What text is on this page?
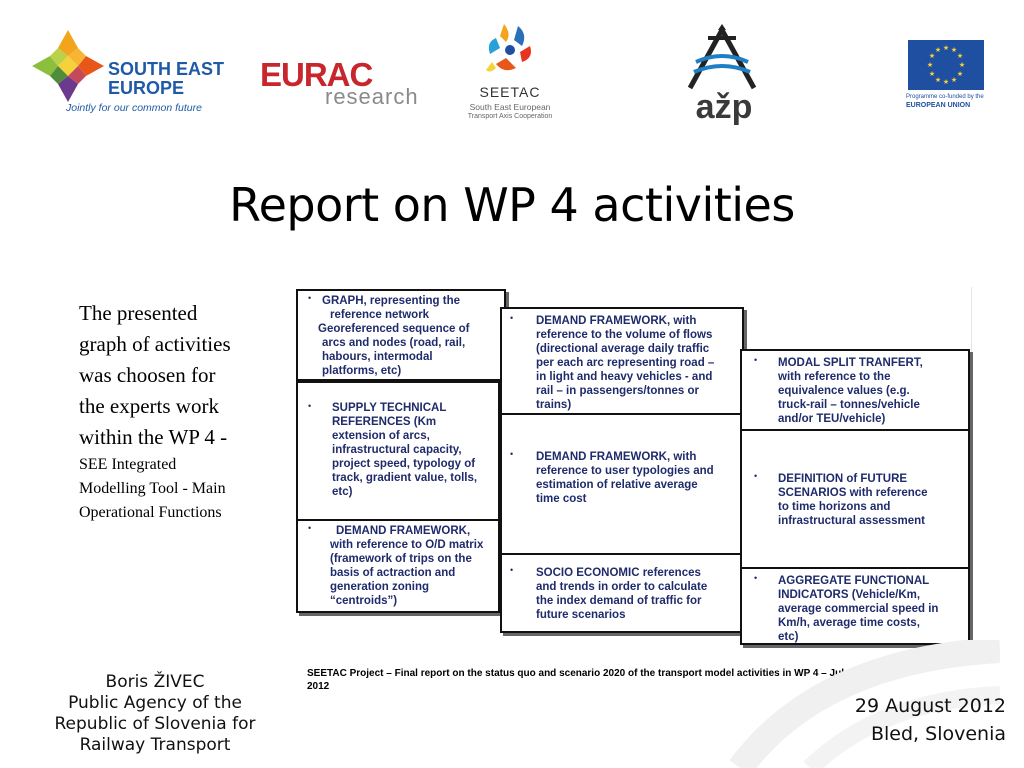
SOUTH EAST
EUROPE
Jointly for our common future
EURAC
research	SEETAC
South East European
Transport Axis Cooperation	ažp
★ ★
★
★
★
★
★
★
★
★
★
★
Programme co-funded by the
EUROPEAN UNION
Report on WP 4 activities
The presented
graph of activities
was choosen for
the experts work
within the WP 4 -
SEE Integrated
Modelling Tool - Main
Operational Functions
• GRAPH, representing the
reference network
Georeferenced sequence of
arcs and nodes (road, rail,
habours, intermodal
platforms, etc)
• SUPPLY TECHNICAL
REFERENCES (Km
extension of arcs,
infrastructural capacity,
project speed, typology of
track, gradient value, tolls,
etc)
•	DEMAND FRAMEWORK,
with reference to O/D matrix
(framework of trips on the
basis of actraction and
generation zoning
“centroids”)
• DEMAND FRAMEWORK, with
reference to the volume of flows
(directional average daily traffic
per each arc representing road –
in light and heavy vehicles - and
rail – in passengers/tonnes or
trains)
• DEMAND FRAMEWORK, with
reference to user typologies and
estimation of relative average
time cost
• SOCIO ECONOMIC references
and trends in order to calculate
the index demand of traffic for
future scenarios
• MODAL SPLIT TRANFERT,
with reference to the
equivalence values (e.g.
truck-rail – tonnes/vehicle
and/or TEU/vehicle)
• DEFINITION of FUTURE
SCENARIOS with reference
to time horizons and
infrastructural assessment
• AGGREGATE FUNCTIONAL
INDICATORS (Vehicle/Km,
average commercial speed in
Km/h, average time costs,
etc)
SEETAC Project – Final report on the status quo and scenario 2020 of the transport model activities in WP 4 – July
2012
Boris ŽIVEC
Public Agency of the
Republic of Slovenia for
Railway Transport
29 August 2012
Bled, Slovenia
